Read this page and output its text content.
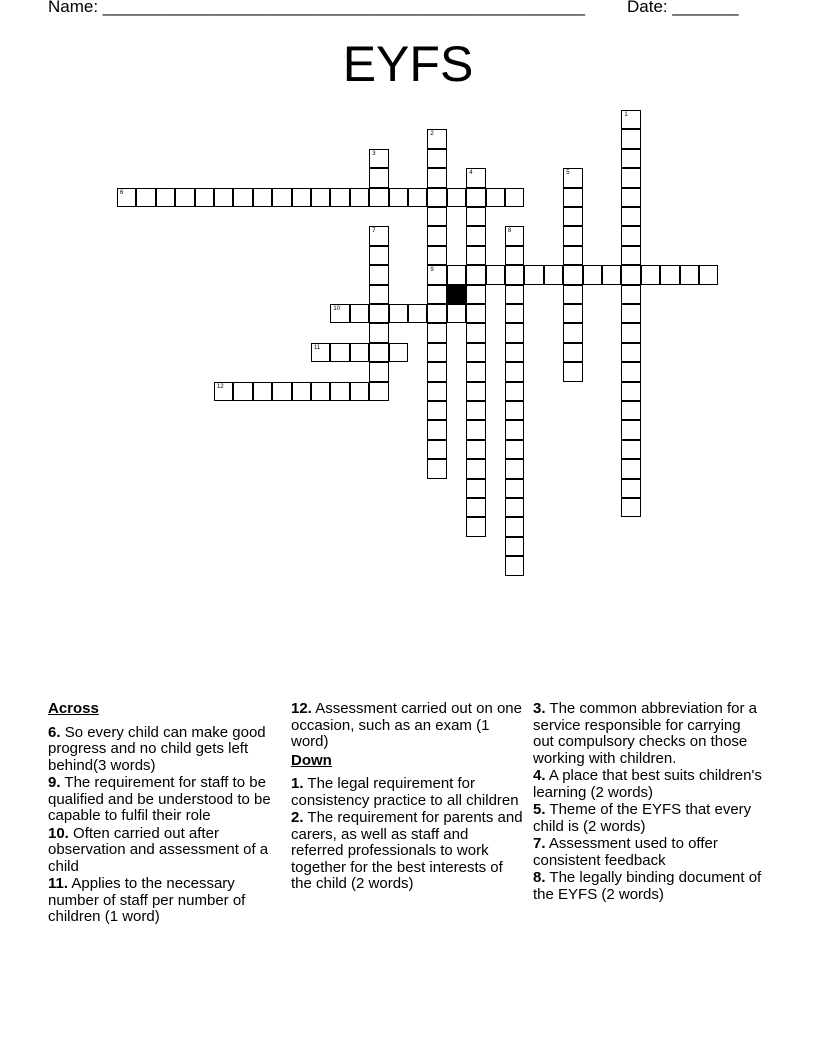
Name: ___________________________________________________ Date: _______
EYFS
1
2
9
3
4	5
6
7	8
10
11
12
Across
6. So every child can make good progress and no child gets left behind(3 words)
9. The requirement for staff to be qualified and be understood to be capable to fulfil their role
10. Often carried out after observation and assessment of a child
11. Applies to the necessary number of staff per number of children (1 word)
12. Assessment carried out on one occasion, such as an exam (1 word)
Down
1. The legal requirement for consistency practice to all children
2. The requirement for parents and carers, as well as staff and referred professionals to work together for the best interests of the child (2 words)
3. The common abbreviation for a service responsible for carrying out compulsory checks on those working with children.
4. A place that best suits children's learning (2 words)
5. Theme of the EYFS that every child is (2 words)
7. Assessment used to offer consistent feedback
8. The legally binding document of the EYFS (2 words)
